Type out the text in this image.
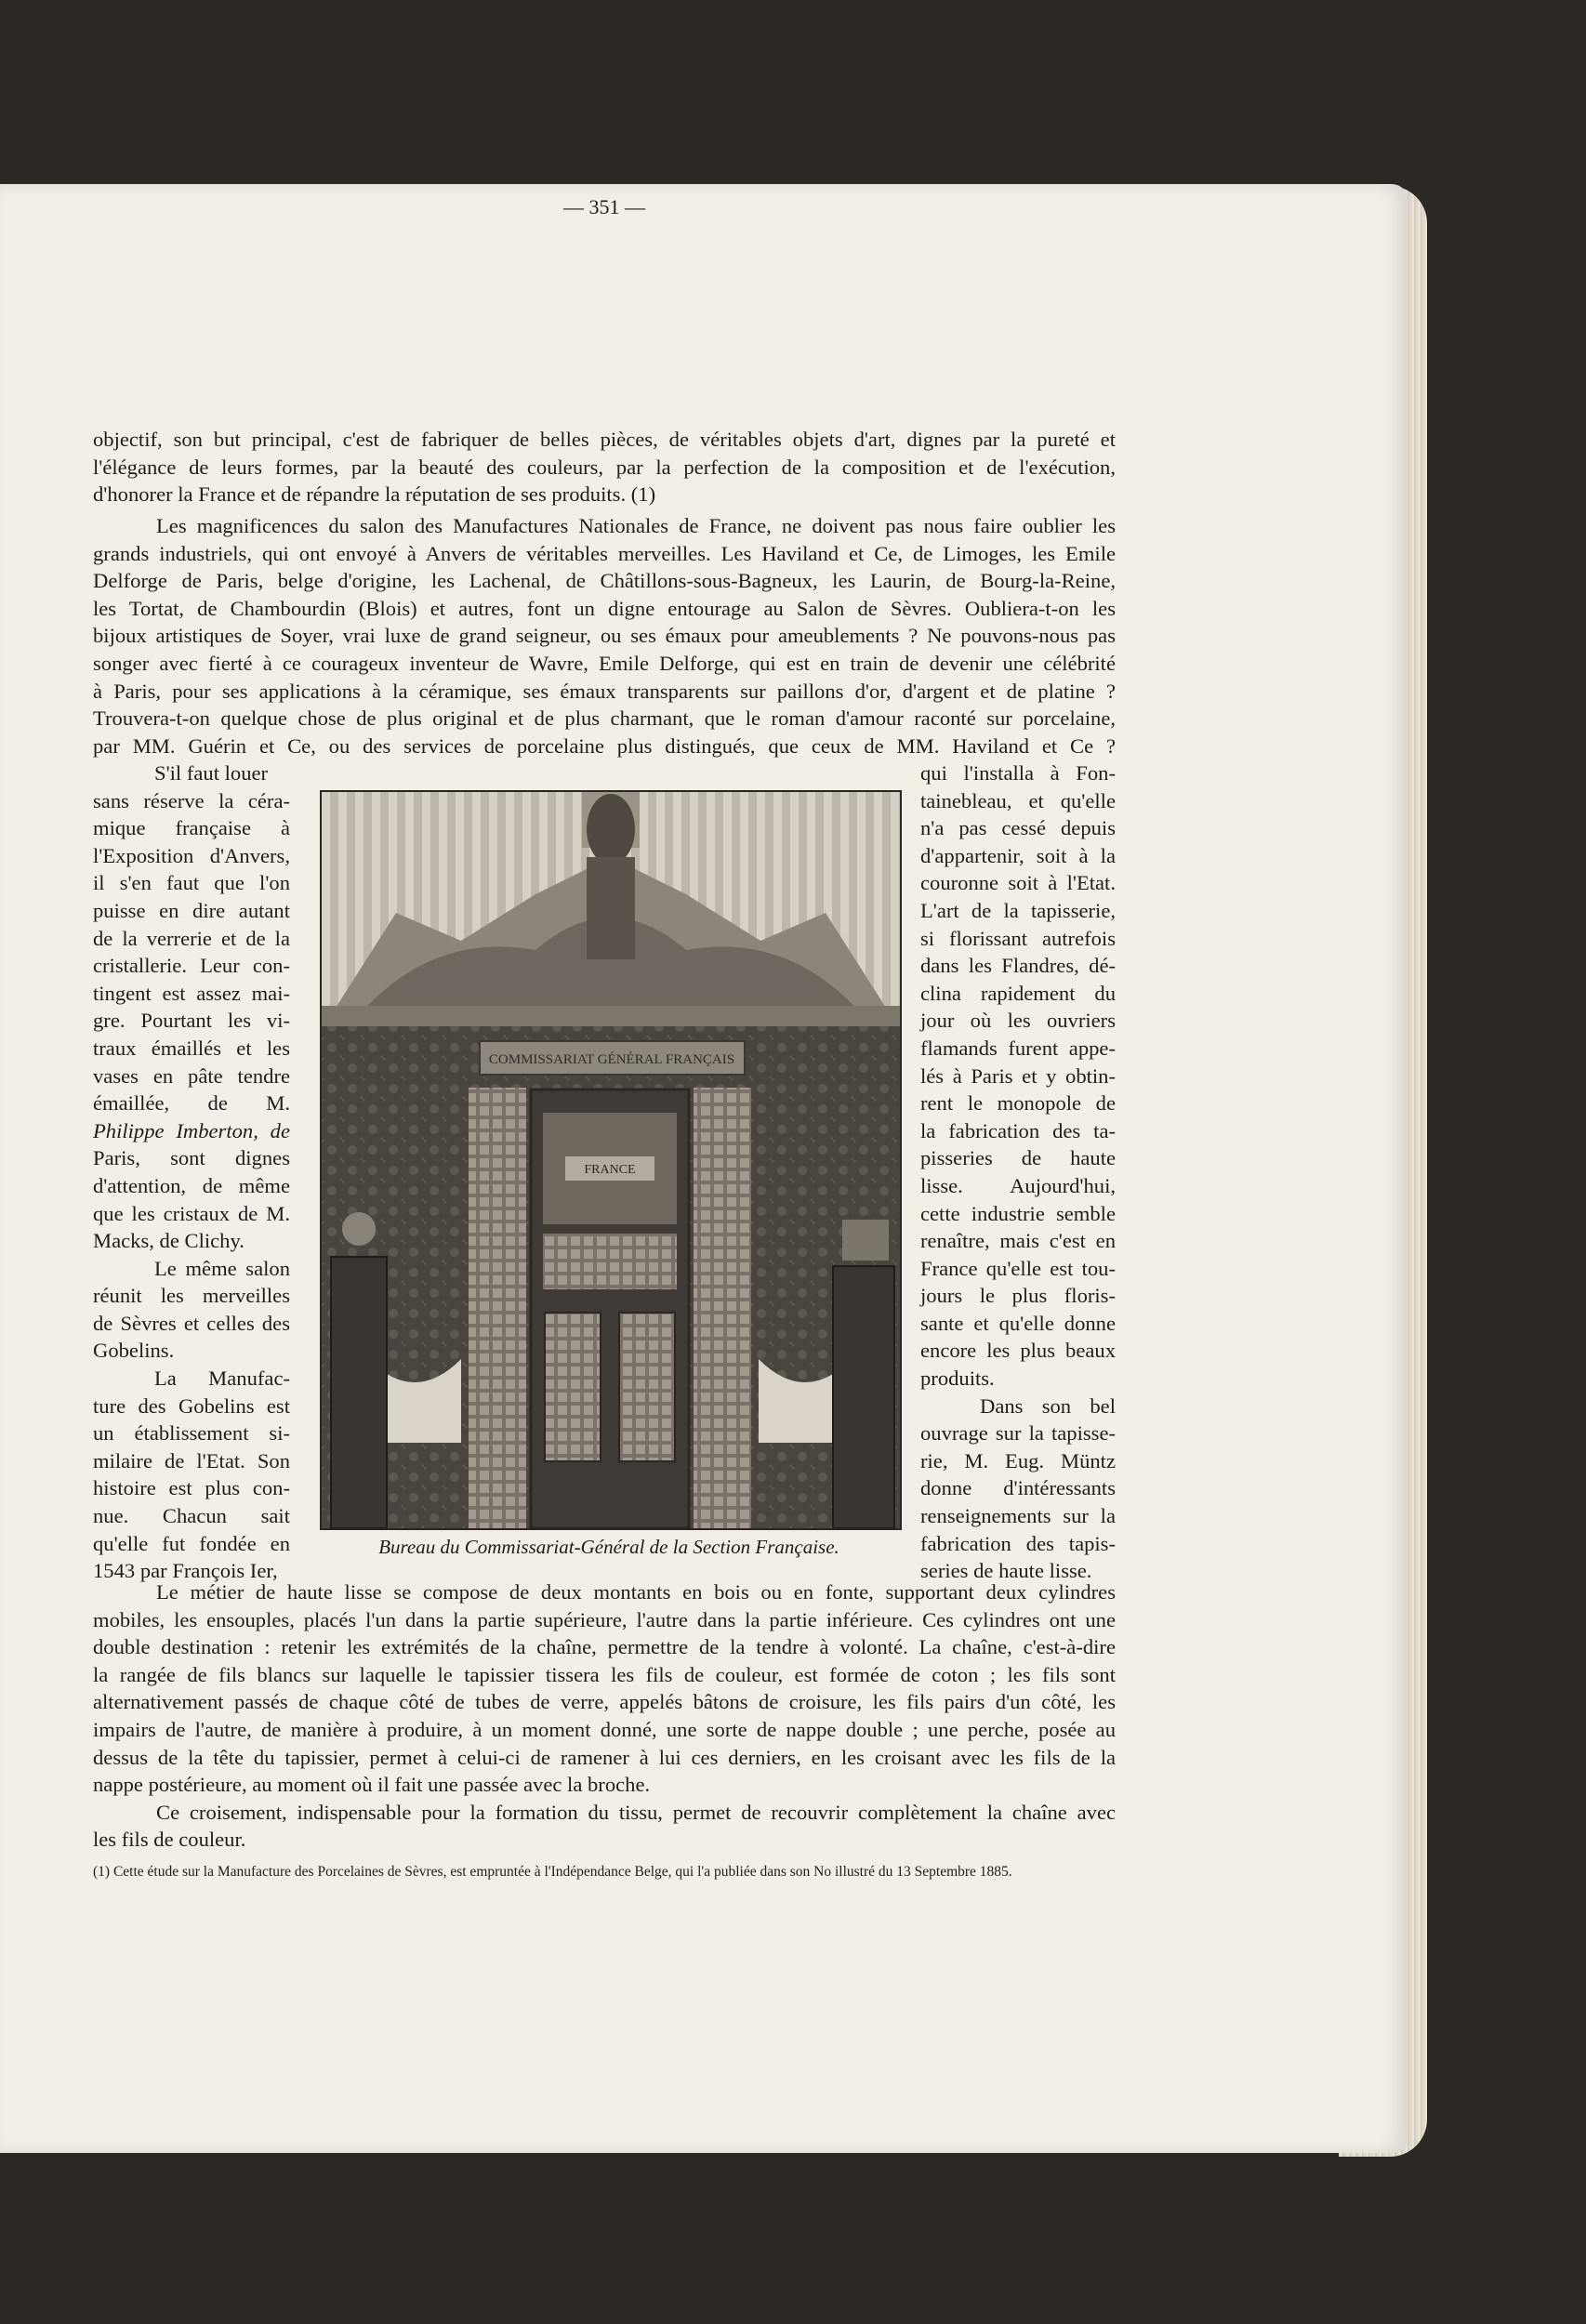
— 351 —
objectif, son but principal, c'est de fabriquer de belles pièces, de véritables objets d'art, dignes par la pureté et
l'élégance de leurs formes, par la beauté des couleurs, par la perfection de la composition et de l'exécution,
d'honorer la France et de répandre la réputation de ses produits. (1)
Les magnificences du salon des Manufactures Nationales de France, ne doivent pas nous faire oublier les
grands industriels, qui ont envoyé à Anvers de véritables merveilles. Les Haviland et Ce, de Limoges, les Emile
Delforge de Paris, belge d'origine, les Lachenal, de Châtillons-sous-Bagneux, les Laurin, de Bourg-la-Reine,
les Tortat, de Chambourdin (Blois) et autres, font un digne entourage au Salon de Sèvres. Oubliera-t-on les
bijoux artistiques de Soyer, vrai luxe de grand seigneur, ou ses émaux pour ameublements ? Ne pouvons-nous pas
songer avec fierté à ce courageux inventeur de Wavre, Emile Delforge, qui est en train de devenir une célébrité
à Paris, pour ses applications à la céramique, ses émaux transparents sur paillons d'or, d'argent et de platine ?
Trouvera-t-on quelque chose de plus original et de plus charmant, que le roman d'amour raconté sur porcelaine,
par MM. Guérin et Ce, ou des services de porcelaine plus distingués, que ceux de MM. Haviland et Ce ?
S'il faut louer
sans réserve la céra-
mique française à
l'Exposition d'Anvers,
il s'en faut que l'on
puisse en dire autant
de la verrerie et de la
cristallerie. Leur con-
tingent est assez mai-
gre. Pourtant les vi-
traux émaillés et les
vases en pâte tendre
émaillée, de M.
Philippe Imberton, de
Paris, sont dignes
d'attention, de même
que les cristaux de M.
Macks, de Clichy.
Le même salon
réunit les merveilles
de Sèvres et celles des
Gobelins.
La Manufac-
ture des Gobelins est
un établissement si-
milaire de l'Etat. Son
histoire est plus con-
nue. Chacun sait
qu'elle fut fondée en
1543 par François Ier,
COMMISSARIAT GÉNÉRAL FRANÇAIS
FRANCE
Bureau du Commissariat-Général de la Section Française.
qui l'installa à Fon-
tainebleau, et qu'elle
n'a pas cessé depuis
d'appartenir, soit à la
couronne soit à l'Etat.
L'art de la tapisserie,
si florissant autrefois
dans les Flandres, dé-
clina rapidement du
jour où les ouvriers
flamands furent appe-
lés à Paris et y obtin-
rent le monopole de
la fabrication des ta-
pisseries de haute
lisse. Aujourd'hui,
cette industrie semble
renaître, mais c'est en
France qu'elle est tou-
jours le plus floris-
sante et qu'elle donne
encore les plus beaux
produits.
Dans son bel
ouvrage sur la tapisse-
rie, M. Eug. Müntz
donne d'intéressants
renseignements sur la
fabrication des tapis-
series de haute lisse.
Le métier de haute lisse se compose de deux montants en bois ou en fonte, supportant deux cylindres
mobiles, les ensouples, placés l'un dans la partie supérieure, l'autre dans la partie inférieure. Ces cylindres ont une
double destination : retenir les extrémités de la chaîne, permettre de la tendre à volonté. La chaîne, c'est-à-dire
la rangée de fils blancs sur laquelle le tapissier tissera les fils de couleur, est formée de coton ; les fils sont
alternativement passés de chaque côté de tubes de verre, appelés bâtons de croisure, les fils pairs d'un côté, les
impairs de l'autre, de manière à produire, à un moment donné, une sorte de nappe double ; une perche, posée au
dessus de la tête du tapissier, permet à celui-ci de ramener à lui ces derniers, en les croisant avec les fils de la
nappe postérieure, au moment où il fait une passée avec la broche.
Ce croisement, indispensable pour la formation du tissu, permet de recouvrir complètement la chaîne avec
les fils de couleur.
(1) Cette étude sur la Manufacture des Porcelaines de Sèvres, est empruntée à l'Indépendance Belge, qui l'a publiée dans son No illustré du 13 Septembre 1885.
